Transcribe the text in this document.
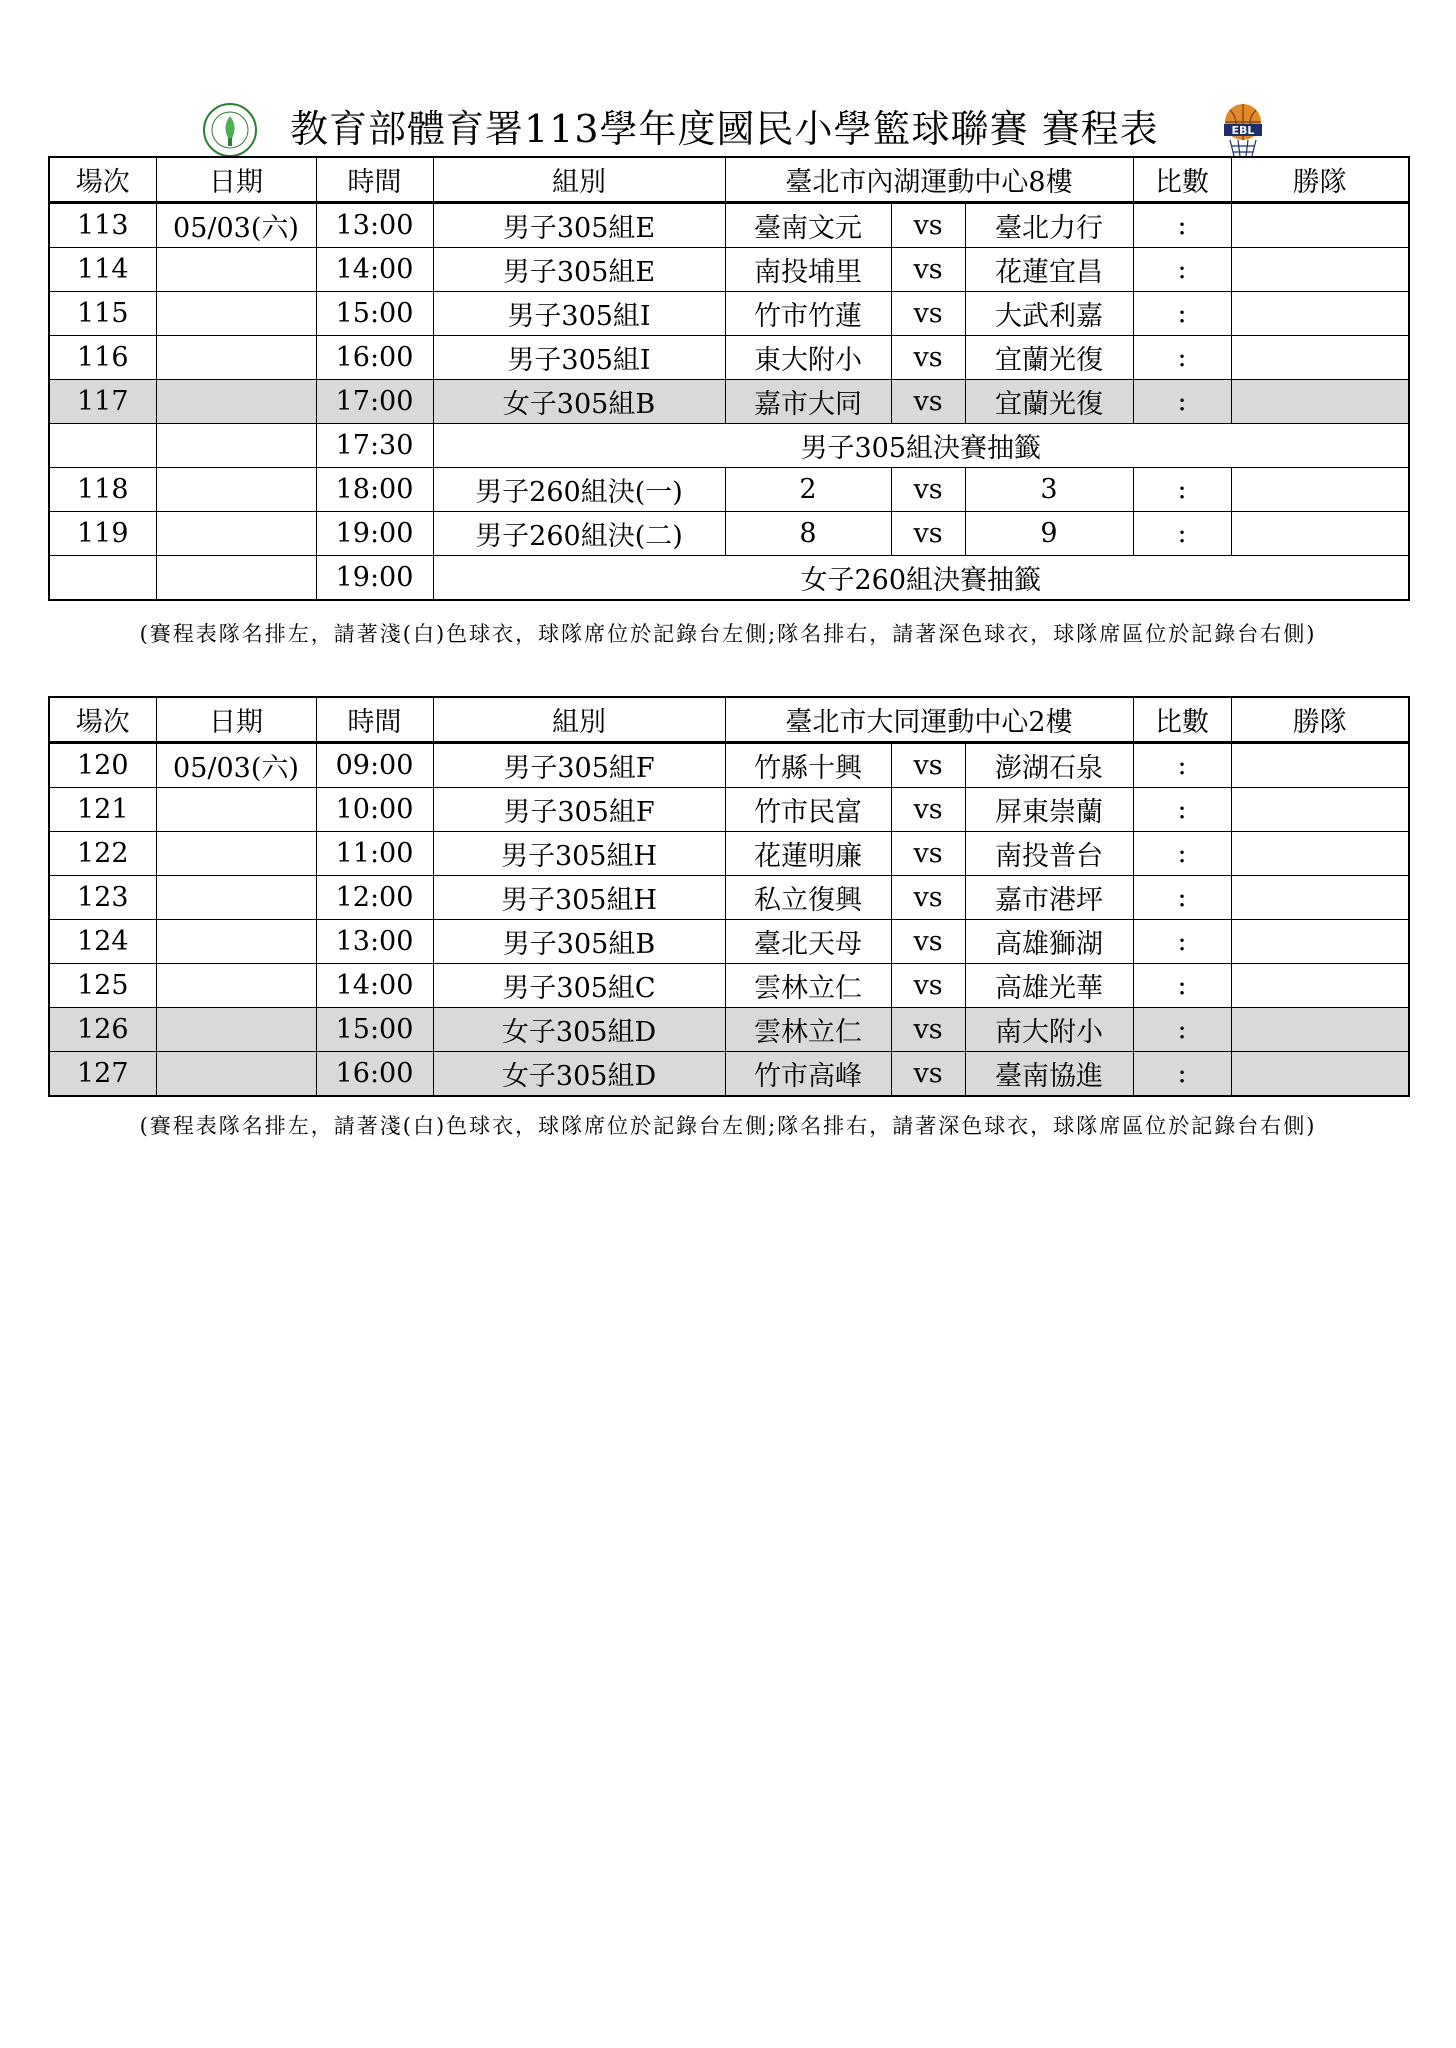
教育部體育署113學年度國民小學籃球聯賽 賽程表	EBL
場次	日期	時間	組別	臺北市內湖運動中心8樓			比數	勝隊
113	05/03(六)	13:00	男子305組E	臺南文元	vs	臺北力行	:	
114		14:00	男子305組E	南投埔里	vs	花蓮宜昌	:	
115		15:00	男子305組I	竹市竹蓮	vs	大武利嘉	:	
116		16:00	男子305組I	東大附小	vs	宜蘭光復	:	
117		17:00	女子305組B	嘉市大同	vs	宜蘭光復	:	
		17:30	男子305組決賽抽籤					
118		18:00	男子260組決(一)	2	vs	3	:	
119		19:00	男子260組決(二)	8	vs	9	:	
		19:00	女子260組決賽抽籤					
(賽程表隊名排左，請著淺(白)色球衣，球隊席位於記錄台左側;隊名排右，請著深色球衣，球隊席區位於記錄台右側)
場次	日期	時間	組別	臺北市大同運動中心2樓			比數	勝隊
120	05/03(六)	09:00	男子305組F	竹縣十興	vs	澎湖石泉	:	
121		10:00	男子305組F	竹市民富	vs	屏東崇蘭	:	
122		11:00	男子305組H	花蓮明廉	vs	南投普台	:	
123		12:00	男子305組H	私立復興	vs	嘉市港坪	:	
124		13:00	男子305組B	臺北天母	vs	高雄獅湖	:	
125		14:00	男子305組C	雲林立仁	vs	高雄光華	:	
126		15:00	女子305組D	雲林立仁	vs	南大附小	:	
127		16:00	女子305組D	竹市高峰	vs	臺南協進	:	
(賽程表隊名排左，請著淺(白)色球衣，球隊席位於記錄台左側;隊名排右，請著深色球衣，球隊席區位於記錄台右側)
